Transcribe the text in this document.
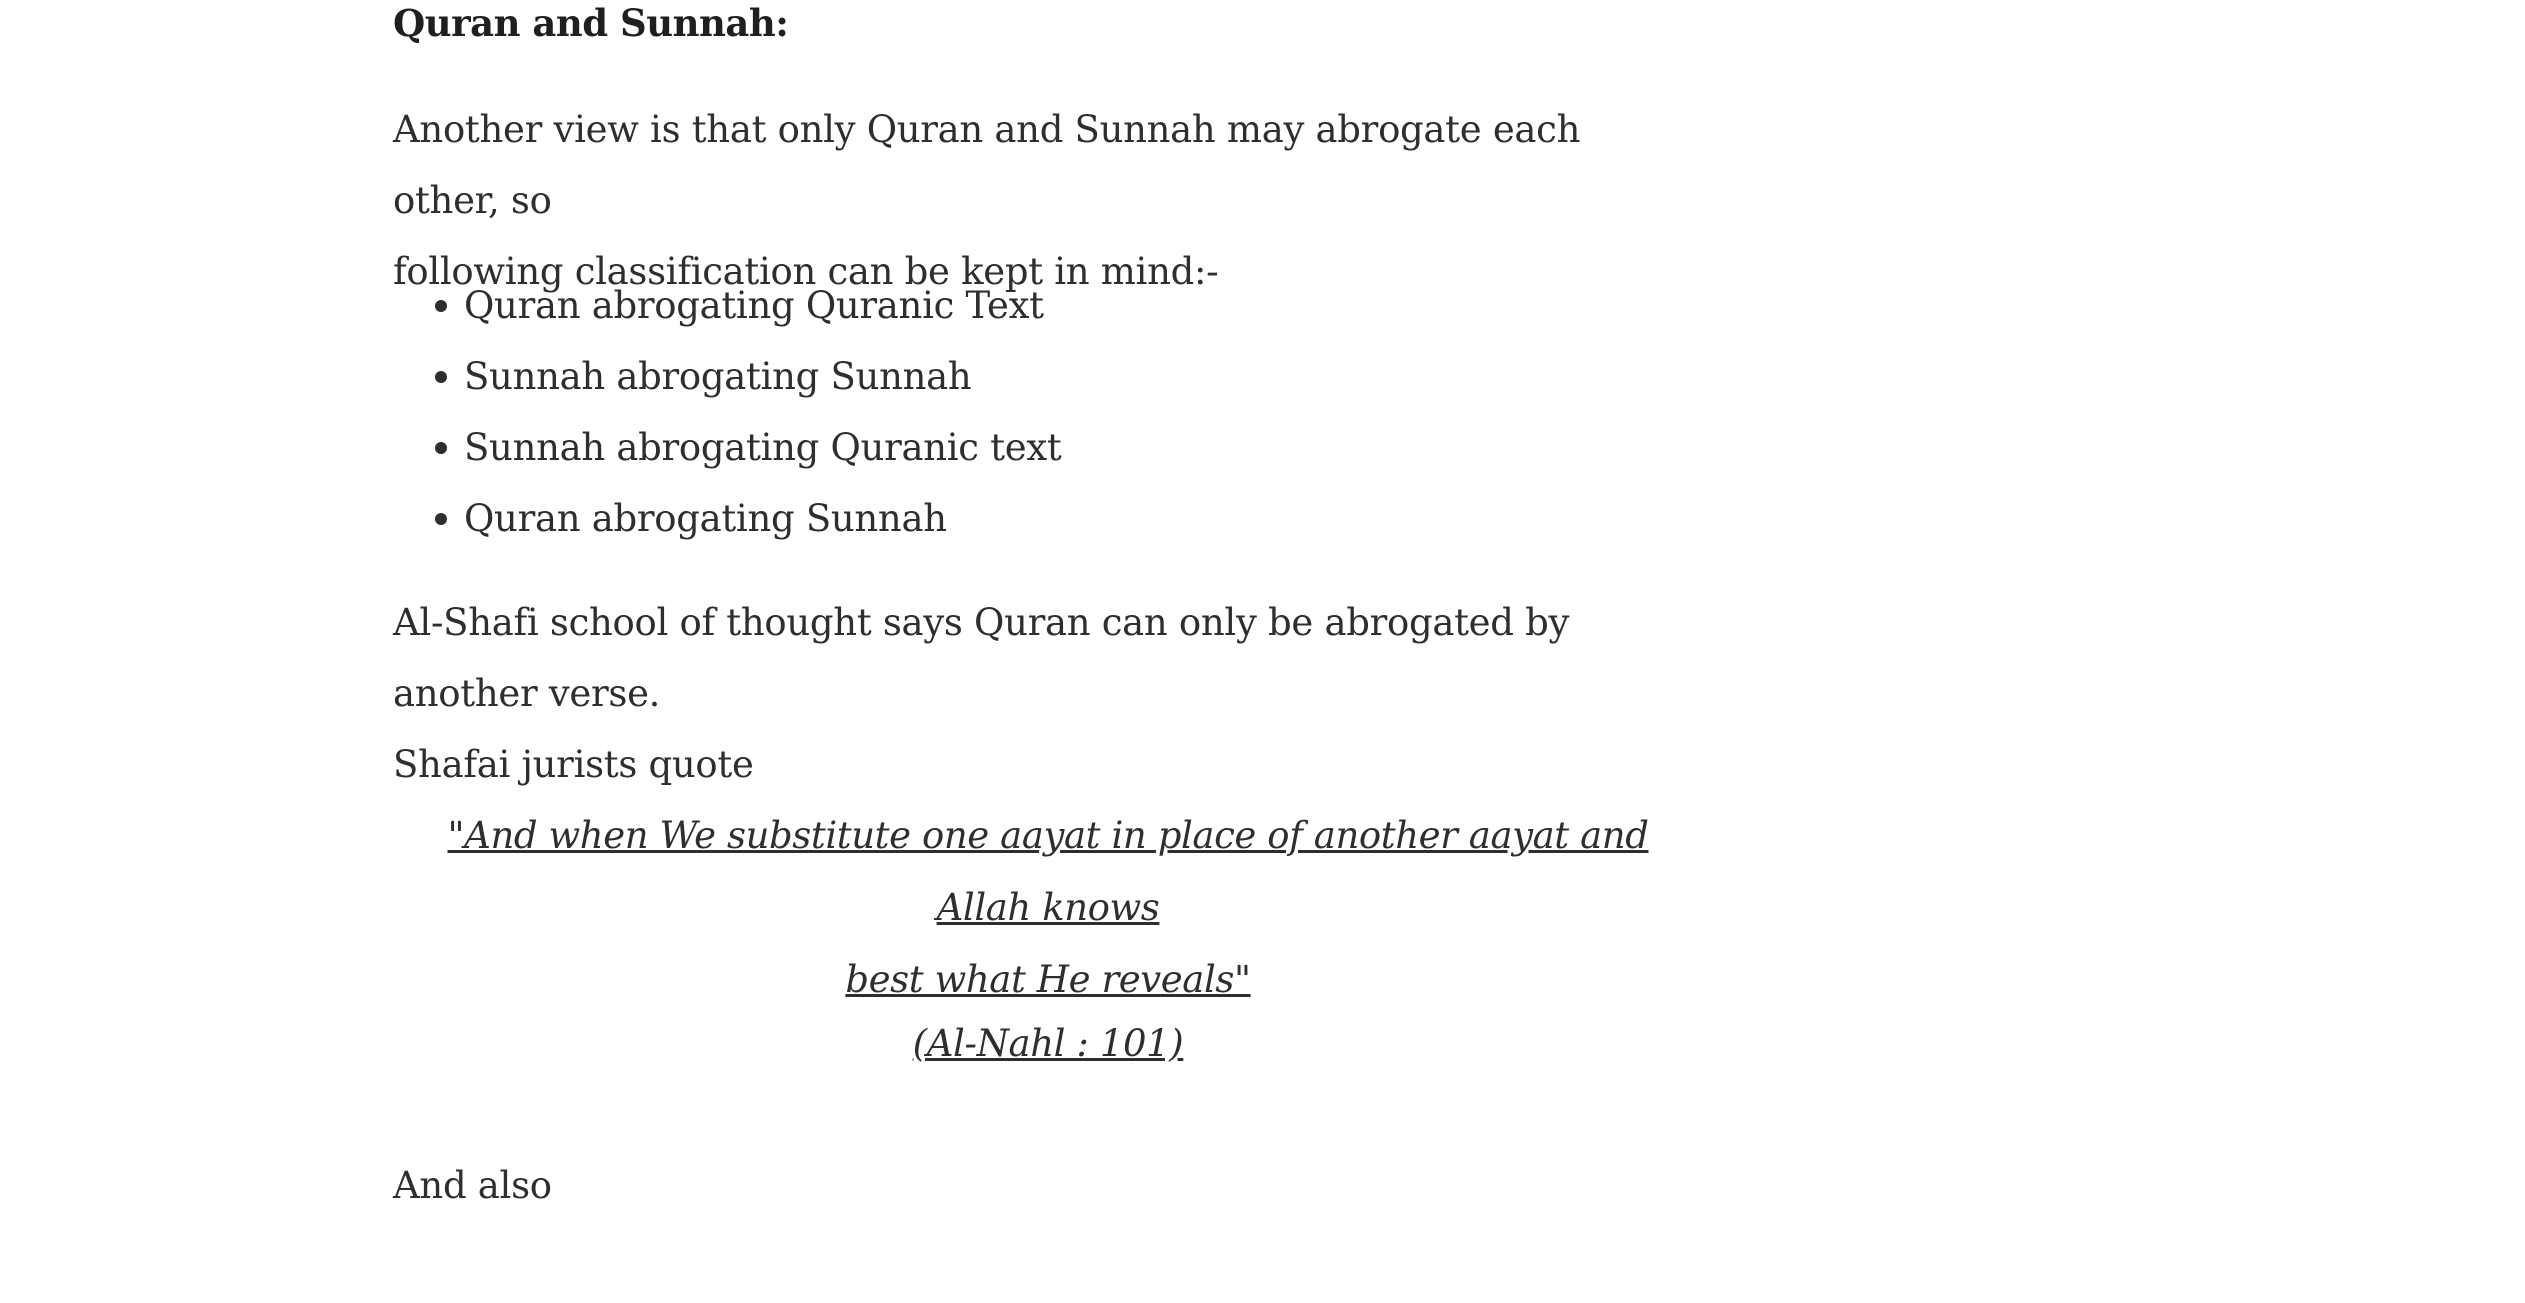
Quran and Sunnah:

Another view is that only Quran and Sunnah may abrogate each other, so
following classification can be kept in mind:-

Quran abrogating Quranic Text
Sunnah abrogating Sunnah
Sunnah abrogating Quranic text
Quran abrogating Sunnah

Al-Shafi school of thought says Quran can only be abrogated by another verse.
Shafai jurists quote

"And when We substitute one aayat in place of another aayat and Allah knows
best what He reveals"

(Al-Nahl : 101)

And also
